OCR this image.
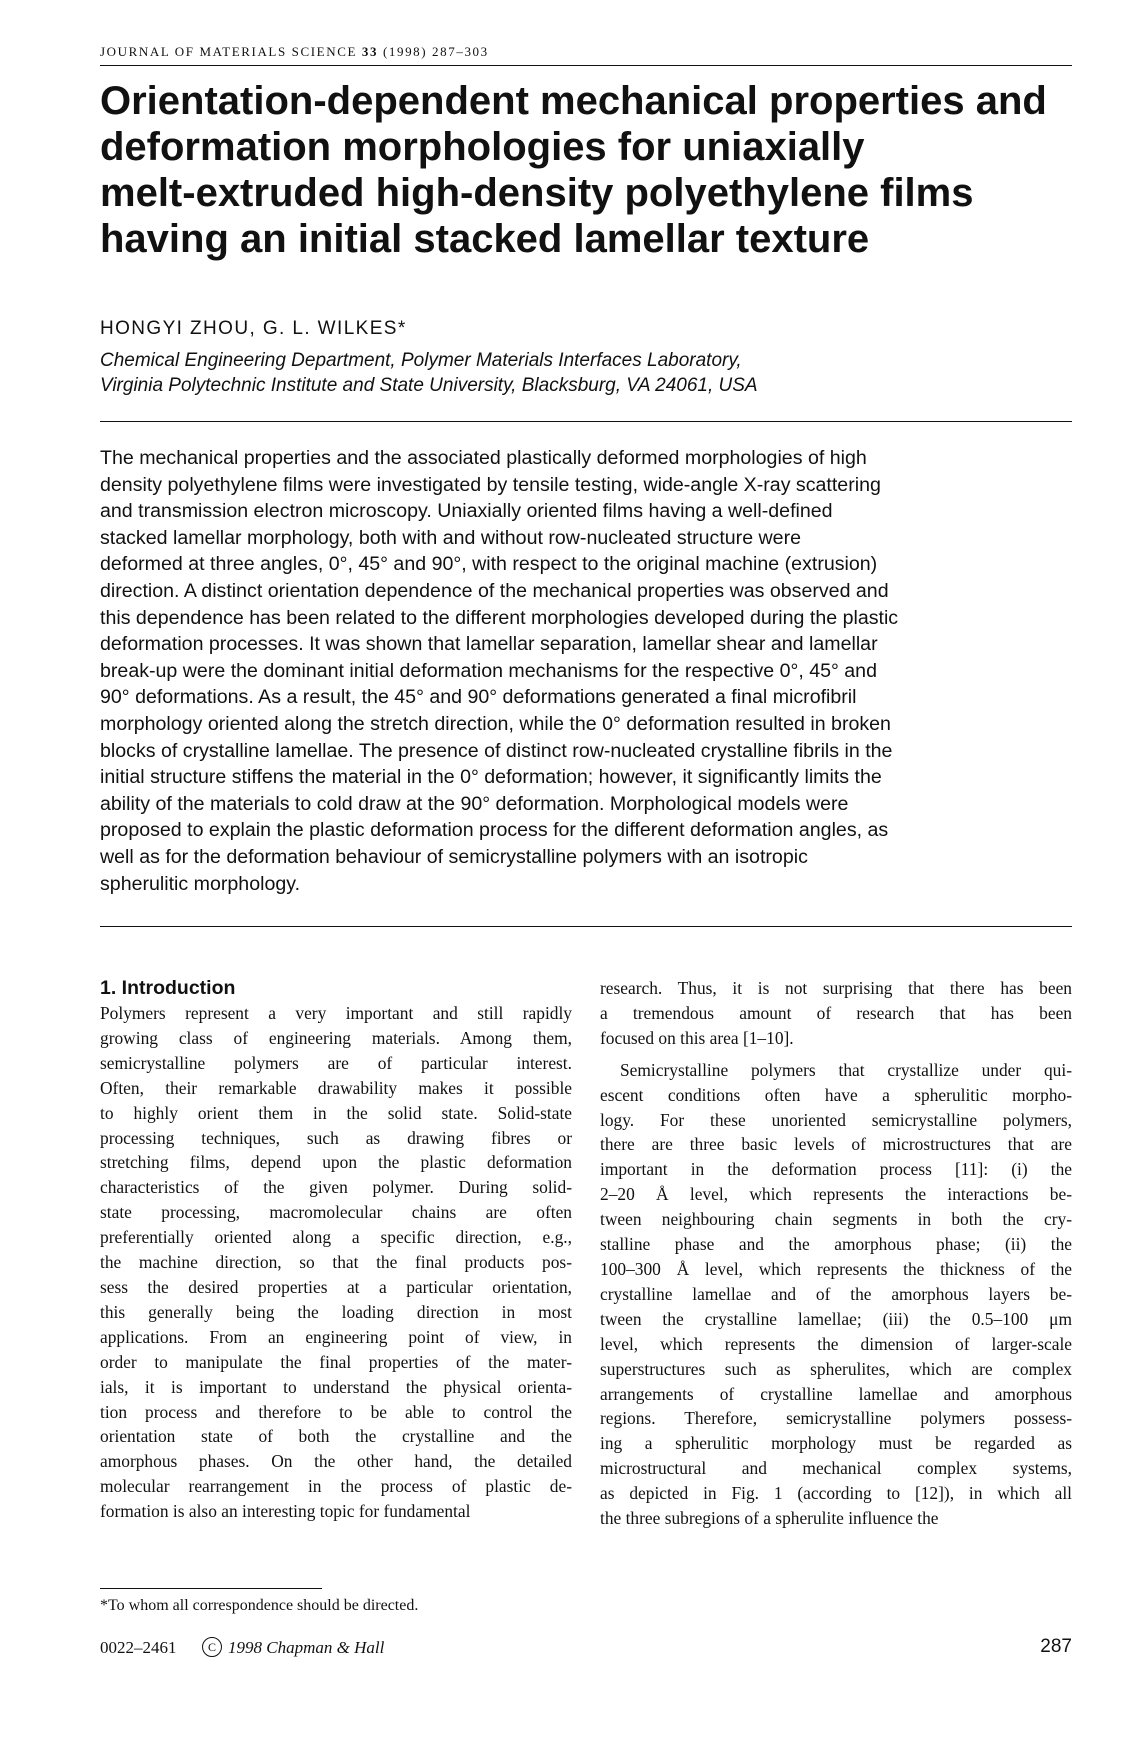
JOURNAL OF MATERIALS SCIENCE 33 (1998) 287–303
Orientation-dependent mechanical properties and
deformation morphologies for uniaxially
melt-extruded high-density polyethylene films
having an initial stacked lamellar texture
HONGYI ZHOU, G. L. WILKES*
Chemical Engineering Department, Polymer Materials Interfaces Laboratory,
Virginia Polytechnic Institute and State University, Blacksburg, VA 24061, USA
The mechanical properties and the associated plastically deformed morphologies of high
density polyethylene films were investigated by tensile testing, wide-angle X-ray scattering
and transmission electron microscopy. Uniaxially oriented films having a well-defined
stacked lamellar morphology, both with and without row-nucleated structure were
deformed at three angles, 0°, 45° and 90°, with respect to the original machine (extrusion)
direction. A distinct orientation dependence of the mechanical properties was observed and
this dependence has been related to the different morphologies developed during the plastic
deformation processes. It was shown that lamellar separation, lamellar shear and lamellar
break-up were the dominant initial deformation mechanisms for the respective 0°, 45° and
90° deformations. As a result, the 45° and 90° deformations generated a final microfibril
morphology oriented along the stretch direction, while the 0° deformation resulted in broken
blocks of crystalline lamellae. The presence of distinct row-nucleated crystalline fibrils in the
initial structure stiffens the material in the 0° deformation; however, it significantly limits the
ability of the materials to cold draw at the 90° deformation. Morphological models were
proposed to explain the plastic deformation process for the different deformation angles, as
well as for the deformation behaviour of semicrystalline polymers with an isotropic
spherulitic morphology.
1. Introduction

Polymers represent a very important and still rapidly
growing class of engineering materials. Among them,
semicrystalline polymers are of particular interest.
Often, their remarkable drawability makes it possible
to highly orient them in the solid state. Solid-state
processing techniques, such as drawing fibres or
stretching films, depend upon the plastic deformation
characteristics of the given polymer. During solid-
state processing, macromolecular chains are often
preferentially oriented along a specific direction, e.g.,
the machine direction, so that the final products pos-
sess the desired properties at a particular orientation,
this generally being the loading direction in most
applications. From an engineering point of view, in
order to manipulate the final properties of the mater-
ials, it is important to understand the physical orienta-
tion process and therefore to be able to control the
orientation state of both the crystalline and the
amorphous phases. On the other hand, the detailed
molecular rearrangement in the process of plastic de-
formation is also an interesting topic for fundamental

research. Thus, it is not surprising that there has been
a tremendous amount of research that has been
focused on this area [1–10].

Semicrystalline polymers that crystallize under qui-
escent conditions often have a spherulitic morpho-
logy. For these unoriented semicrystalline polymers,
there are three basic levels of microstructures that are
important in the deformation process [11]: (i) the
2–20 Å level, which represents the interactions be-
tween neighbouring chain segments in both the cry-
stalline phase and the amorphous phase; (ii) the
100–300 Å level, which represents the thickness of the
crystalline lamellae and of the amorphous layers be-
tween the crystalline lamellae; (iii) the 0.5–100 μm
level, which represents the dimension of larger-scale
superstructures such as spherulites, which are complex
arrangements of crystalline lamellae and amorphous
regions. Therefore, semicrystalline polymers possess-
ing a spherulitic morphology must be regarded as
microstructural and mechanical complex systems,
as depicted in Fig. 1 (according to [12]), in which all
the three subregions of a spherulite influence the

*To whom all correspondence should be directed.
0022–2461	C 1998 Chapman & Hall	287
